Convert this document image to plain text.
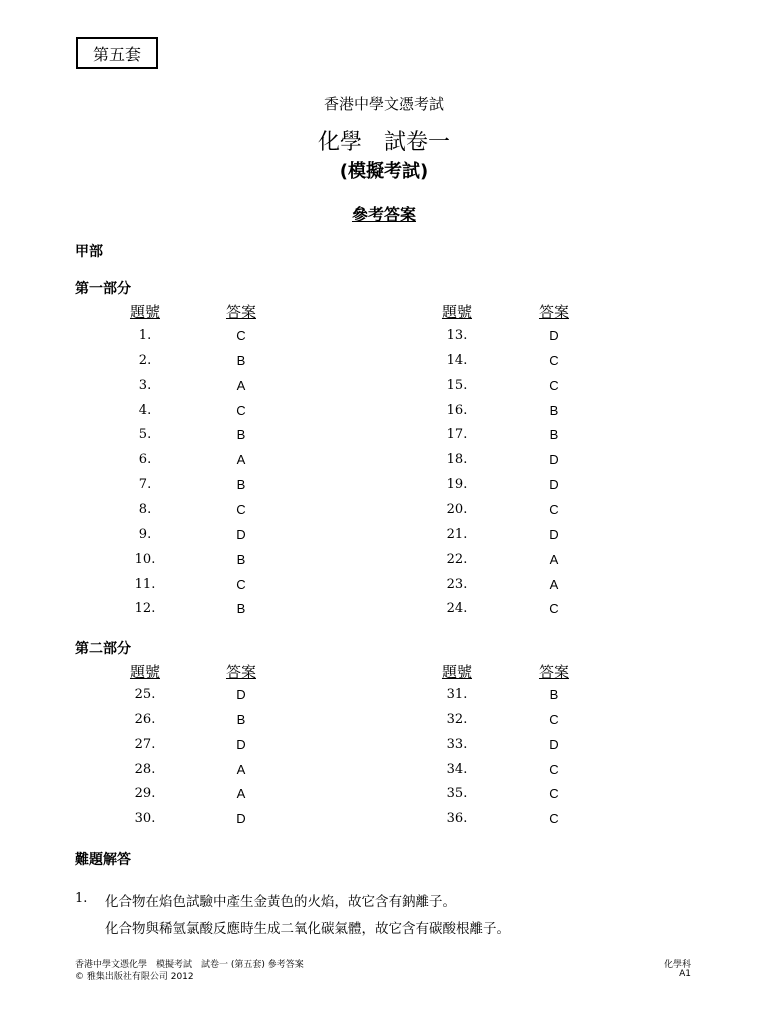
第五套
香港中學文憑考試
化學　試卷一
(模擬考試)
參考答案
甲部
第一部分
題號	答案	題號	答案
1.	C	13.	D
2.	B	14.	C
3.	A	15.	C
4.	C	16.	B
5.	B	17.	B
6.	A	18.	D
7.	B	19.	D
8.	C	20.	C
9.	D	21.	D
10.	B	22.	A
11.	C	23.	A
12.	B	24.	C
第二部分
題號	答案	題號	答案
25.	D	31.	B
26.	B	32.	C
27.	D	33.	D
28.	A	34.	C
29.	A	35.	C
30.	D	36.	C
難題解答
1. 化合物在焰色試驗中產生金黃色的火焰，故它含有鈉離子。
化合物與稀氫氯酸反應時生成二氧化碳氣體，故它含有碳酸根離子。
香港中學文憑化學　模擬考試　試卷一 (第五套) 參考答案
© 雅集出版社有限公司 2012
化學科
A1
